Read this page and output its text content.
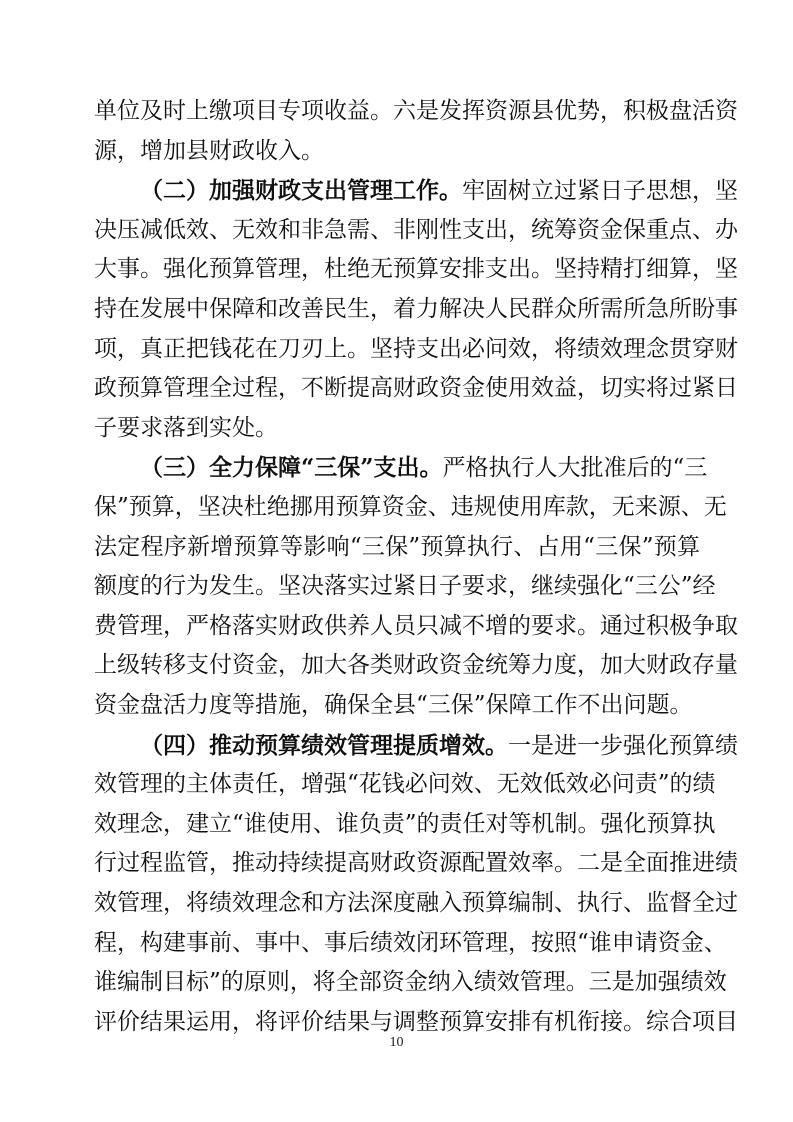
单位及时上缴项目专项收益。六是发挥资源县优势，积极盘活资
源，增加县财政收入。
（二）加强财政支出管理工作。牢固树立过紧日子思想，坚
决压减低效、无效和非急需、非刚性支出，统筹资金保重点、办
大事。强化预算管理，杜绝无预算安排支出。坚持精打细算，坚
持在发展中保障和改善民生，着力解决人民群众所需所急所盼事
项，真正把钱花在刀刃上。坚持支出必问效，将绩效理念贯穿财
政预算管理全过程，不断提高财政资金使用效益，切实将过紧日
子要求落到实处。
（三）全力保障“三保”支出。严格执行人大批准后的“三
保”预算，坚决杜绝挪用预算资金、违规使用库款，无来源、无
法定程序新增预算等影响“三保”预算执行、占用“三保”预算
额度的行为发生。坚决落实过紧日子要求，继续强化“三公”经
费管理，严格落实财政供养人员只减不增的要求。通过积极争取
上级转移支付资金，加大各类财政资金统筹力度，加大财政存量
资金盘活力度等措施，确保全县“三保”保障工作不出问题。
（四）推动预算绩效管理提质增效。一是进一步强化预算绩
效管理的主体责任，增强“花钱必问效、无效低效必问责”的绩
效理念，建立“谁使用、谁负责”的责任对等机制。强化预算执
行过程监管，推动持续提高财政资源配置效率。二是全面推进绩
效管理，将绩效理念和方法深度融入预算编制、执行、监督全过
程，构建事前、事中、事后绩效闭环管理，按照“谁申请资金、
谁编制目标”的原则，将全部资金纳入绩效管理。三是加强绩效
评价结果运用，将评价结果与调整预算安排有机衔接。综合项目
10
